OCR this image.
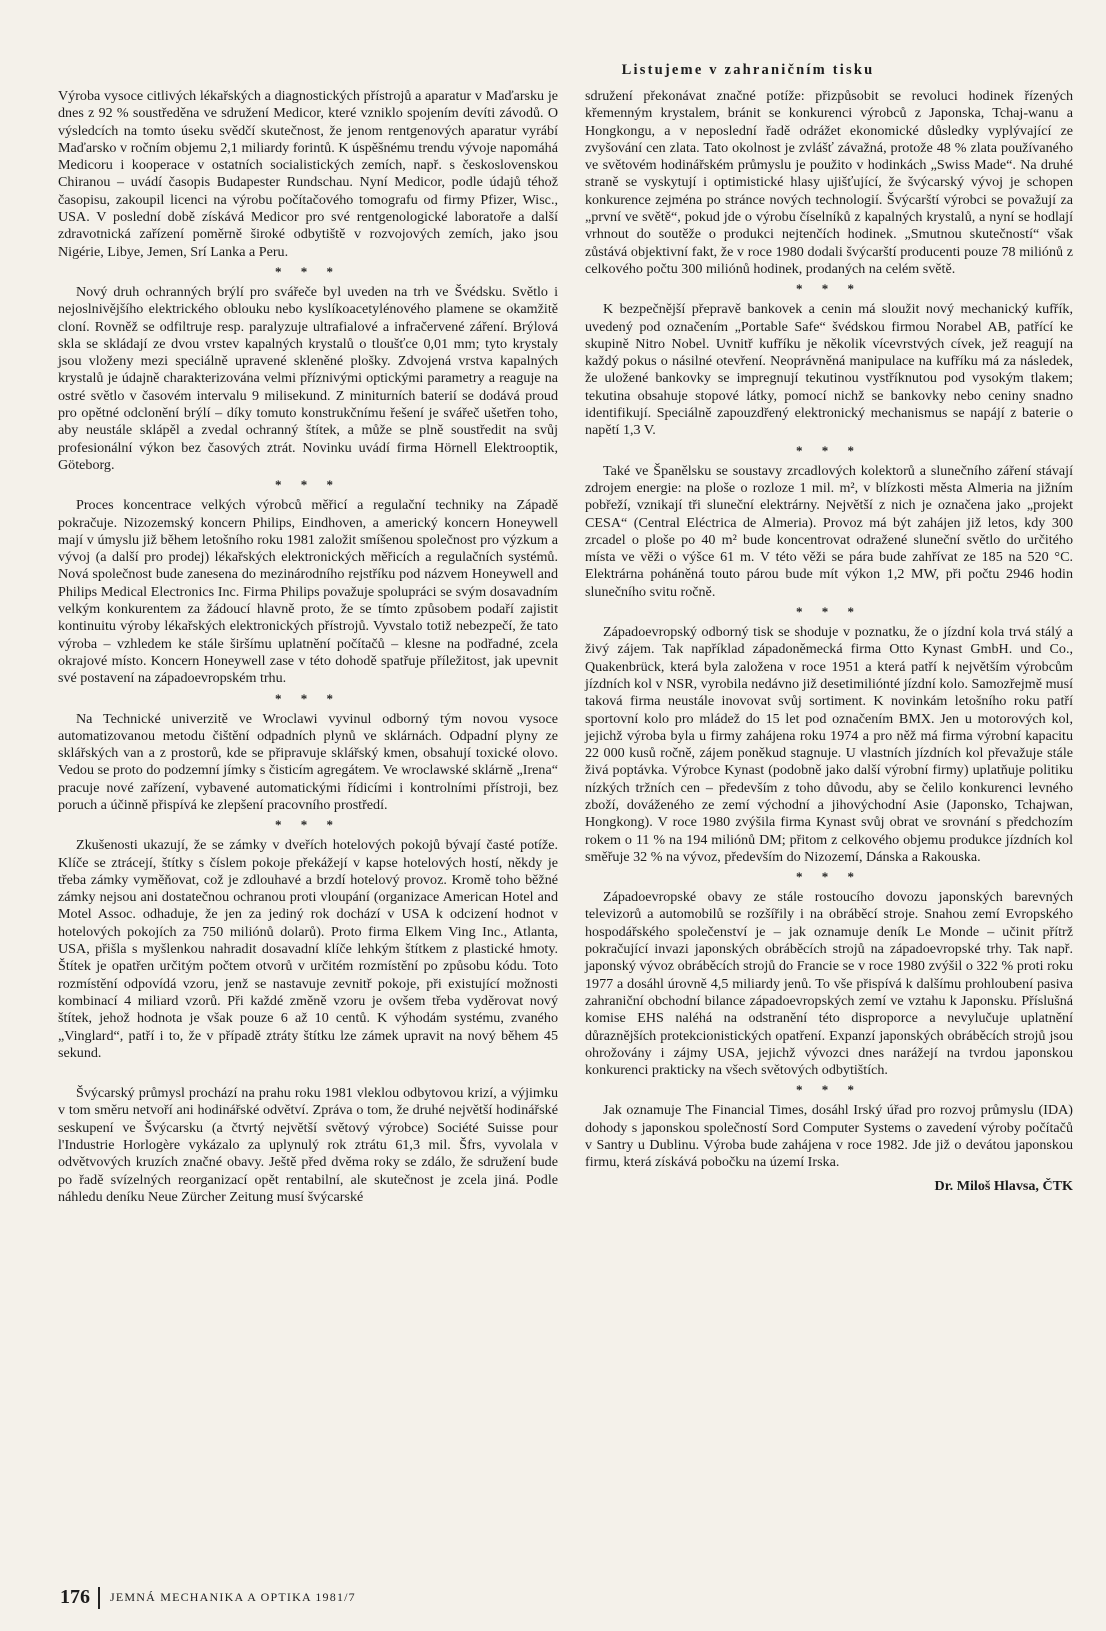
Listujeme v zahraničním tisku

Výroba vysoce citlivých lékařských a diagnostických přístrojů a aparatur v Maďarsku je dnes z 92 % soustředěna ve sdružení Medicor, které vzniklo spojením devíti závodů. O výsledcích na tomto úseku svědčí skutečnost, že jenom rentgenových aparatur vyrábí Maďarsko v ročním objemu 2,1 miliardy forintů. K úspěšnému trendu vývoje napomáhá Medicoru i kooperace v ostatních socialistických zemích, např. s československou Chiranou – uvádí časopis Budapester Rundschau. Nyní Medicor, podle údajů téhož časopisu, zakoupil licenci na výrobu počítačového tomografu od firmy Pfizer, Wisc., USA. V poslední době získává Medicor pro své rentgenologické laboratoře a další zdravotnická zařízení poměrně široké odbytiště v rozvojových zemích, jako jsou Nigérie, Libye, Jemen, Srí Lanka a Peru.

* * *

Nový druh ochranných brýlí pro svářeče byl uveden na trh ve Švédsku. Světlo i nejoslnivějšího elektrického oblouku nebo kyslíkoacetylénového plamene se okamžitě cloní. Rovněž se odfiltruje resp. paralyzuje ultrafialové a infračervené záření. Brýlová skla se skládají ze dvou vrstev kapalných krystalů o tloušťce 0,01 mm; tyto krystaly jsou vloženy mezi speciálně upravené skleněné plošky. Zdvojená vrstva kapalných krystalů je údajně charakterizována velmi příznivými optickými parametry a reaguje na ostré světlo v časovém intervalu 9 milisekund. Z miniturních baterií se dodává proud pro opětné odclonění brýlí – díky tomuto konstrukčnímu řešení je svářeč ušetřen toho, aby neustále sklápěl a zvedal ochranný štítek, a může se plně soustředit na svůj profesionální výkon bez časových ztrát. Novinku uvádí firma Hörnell Elektrooptik, Göteborg.

* * *

Proces koncentrace velkých výrobců měřicí a regulační techniky na Západě pokračuje. Nizozemský koncern Philips, Eindhoven, a americký koncern Honeywell mají v úmyslu již během letošního roku 1981 založit smíšenou společnost pro výzkum a vývoj (a další pro prodej) lékařských elektronických měřicích a regulačních systémů. Nová společnost bude zanesena do mezinárodního rejstříku pod názvem Honeywell and Philips Medical Electronics Inc. Firma Philips považuje spolupráci se svým dosavadním velkým konkurentem za žádoucí hlavně proto, že se tímto způsobem podaří zajistit kontinuitu výroby lékařských elektronických přístrojů. Vyvstalo totiž nebezpečí, že tato výroba – vzhledem ke stále širšímu uplatnění počítačů – klesne na podřadné, zcela okrajové místo. Koncern Honeywell zase v této dohodě spatřuje příležitost, jak upevnit své postavení na západoevropském trhu.

* * *

Na Technické univerzitě ve Wroclawi vyvinul odborný tým novou vysoce automatizovanou metodu čištění odpadních plynů ve sklárnách. Odpadní plyny ze sklářských van a z prostorů, kde se připravuje sklářský kmen, obsahují toxické olovo. Vedou se proto do podzemní jímky s čisticím agregátem. Ve wroclawské sklárně „Irena“ pracuje nové zařízení, vybavené automatickými řídicími i kontrolními přístroji, bez poruch a účinně přispívá ke zlepšení pracovního prostředí.

* * *

Zkušenosti ukazují, že se zámky v dveřích hotelových pokojů bývají časté potíže. Klíče se ztrácejí, štítky s číslem pokoje překážejí v kapse hotelových hostí, někdy je třeba zámky vyměňovat, což je zdlouhavé a brzdí hotelový provoz. Kromě toho běžné zámky nejsou ani dostatečnou ochranou proti vloupání (organizace American Hotel and Motel Assoc. odhaduje, že jen za jediný rok dochází v USA k odcizení hodnot v hotelových pokojích za 750 miliónů dolarů). Proto firma Elkem Ving Inc., Atlanta, USA, přišla s myšlenkou nahradit dosavadní klíče lehkým štítkem z plastické hmoty. Štítek je opatřen určitým počtem otvorů v určitém rozmístění po způsobu kódu. Toto rozmístění odpovídá vzoru, jenž se nastavuje zevnitř pokoje, při existující možnosti kombinací 4 miliard vzorů. Při každé změně vzoru je ovšem třeba vyděrovat nový štítek, jehož hodnota je však pouze 6 až 10 centů. K výhodám systému, zvaného „Vinglard“, patří i to, že v případě ztráty štítku lze zámek upravit na nový během 45 sekund.

Švýcarský průmysl prochází na prahu roku 1981 vleklou odbytovou krizí, a výjimku v tom směru netvoří ani hodinářské odvětví. Zpráva o tom, že druhé největší hodinářské seskupení ve Švýcarsku (a čtvrtý největší světový výrobce) Société Suisse pour l'Industrie Horlogère vykázalo za uplynulý rok ztrátu 61,3 mil. Šfrs, vyvolala v odvětvových kruzích značné obavy. Ještě před dvěma roky se zdálo, že sdružení bude po řadě svízelných reorganizací opět rentabilní, ale skutečnost je zcela jiná. Podle náhledu deníku Neue Zürcher Zeitung musí švýcarské

sdružení překonávat značné potíže: přizpůsobit se revoluci hodinek řízených křemenným krystalem, bránit se konkurenci výrobců z Japonska, Tchaj-wanu a Hongkongu, a v neposlední řadě odrážet ekonomické důsledky vyplývající ze zvyšování cen zlata. Tato okolnost je zvlášť závažná, protože 48 % zlata používaného ve světovém hodinářském průmyslu je použito v hodinkách „Swiss Made“. Na druhé straně se vyskytují i optimistické hlasy ujišťující, že švýcarský vývoj je schopen konkurence zejména po stránce nových technologií. Švýcarští výrobci se považují za „první ve světě“, pokud jde o výrobu číselníků z kapalných krystalů, a nyní se hodlají vrhnout do soutěže o produkci nejtenčích hodinek. „Smutnou skutečností“ však zůstává objektivní fakt, že v roce 1980 dodali švýcarští producenti pouze 78 miliónů z celkového počtu 300 miliónů hodinek, prodaných na celém světě.

* * *

K bezpečnější přepravě bankovek a cenin má sloužit nový mechanický kufřík, uvedený pod označením „Portable Safe“ švédskou firmou Norabel AB, patřící ke skupině Nitro Nobel. Uvnitř kufříku je několik vícevrstvých cívek, jež reagují na každý pokus o násilné otevření. Neoprávněná manipulace na kufříku má za následek, že uložené bankovky se impregnují tekutinou vystříknutou pod vysokým tlakem; tekutina obsahuje stopové látky, pomocí nichž se bankovky nebo ceniny snadno identifikují. Speciálně zapouzdřený elektronický mechanismus se napájí z baterie o napětí 1,3 V.

* * *

Také ve Španělsku se soustavy zrcadlových kolektorů a slunečního záření stávají zdrojem energie: na ploše o rozloze 1 mil. m², v blízkosti města Almeria na jižním pobřeží, vznikají tři sluneční elektrárny. Největší z nich je označena jako „projekt CESA“ (Central Eléctrica de Almeria). Provoz má být zahájen již letos, kdy 300 zrcadel o ploše po 40 m² bude koncentrovat odražené sluneční světlo do určitého místa ve věži o výšce 61 m. V této věži se pára bude zahřívat ze 185 na 520 °C. Elektrárna poháněná touto párou bude mít výkon 1,2 MW, při počtu 2946 hodin slunečního svitu ročně.

* * *

Západoevropský odborný tisk se shoduje v poznatku, že o jízdní kola trvá stálý a živý zájem. Tak například západoněmecká firma Otto Kynast GmbH. und Co., Quakenbrück, která byla založena v roce 1951 a která patří k největším výrobcům jízdních kol v NSR, vyrobila nedávno již desetimiliónté jízdní kolo. Samozřejmě musí taková firma neustále inovovat svůj sortiment. K novinkám letošního roku patří sportovní kolo pro mládež do 15 let pod označením BMX. Jen u motorových kol, jejichž výroba byla u firmy zahájena roku 1974 a pro něž má firma výrobní kapacitu 22 000 kusů ročně, zájem poněkud stagnuje. U vlastních jízdních kol převažuje stále živá poptávka. Výrobce Kynast (podobně jako další výrobní firmy) uplatňuje politiku nízkých tržních cen – především z toho důvodu, aby se čelilo konkurenci levného zboží, dováženého ze zemí východní a jihovýchodní Asie (Japonsko, Tchajwan, Hongkong). V roce 1980 zvýšila firma Kynast svůj obrat ve srovnání s předchozím rokem o 11 % na 194 miliónů DM; přitom z celkového objemu produkce jízdních kol směřuje 32 % na vývoz, především do Nizozemí, Dánska a Rakouska.

* * *

Západoevropské obavy ze stále rostoucího dovozu japonských barevných televizorů a automobilů se rozšířily i na obráběcí stroje. Snahou zemí Evropského hospodářského společenství je – jak oznamuje deník Le Monde – učinit přítrž pokračující invazi japonských obráběcích strojů na západoevropské trhy. Tak např. japonský vývoz obráběcích strojů do Francie se v roce 1980 zvýšil o 322 % proti roku 1977 a dosáhl úrovně 4,5 miliardy jenů. To vše přispívá k dalšímu prohloubení pasiva zahraniční obchodní bilance západoevropských zemí ve vztahu k Japonsku. Příslušná komise EHS naléhá na odstranění této disproporce a nevylučuje uplatnění důraznějších protekcionistických opatření. Expanzí japonských obráběcích strojů jsou ohrožovány i zájmy USA, jejichž vývozci dnes narážejí na tvrdou japonskou konkurenci prakticky na všech světových odbytištích.

* * *

Jak oznamuje The Financial Times, dosáhl Irský úřad pro rozvoj průmyslu (IDA) dohody s japonskou společností Sord Computer Systems o zavedení výroby počítačů v Santry u Dublinu. Výroba bude zahájena v roce 1982. Jde již o devátou japonskou firmu, která získává pobočku na území Irska.

Dr. Miloš Hlavsa, ČTK
176 JEMNÁ MECHANIKA A OPTIKA 1981/7
